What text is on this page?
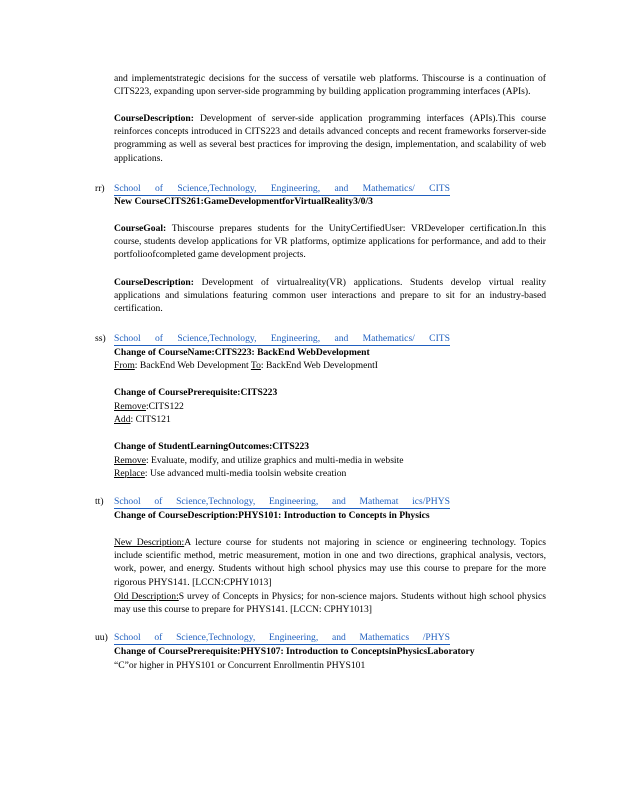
and implementstrategic decisions for the success of versatile web platforms. Thiscourse is a continuation of CITS223, expanding upon server-side programming by building application programming interfaces (APIs).

CourseDescription: Development of server-side application programming interfaces (APIs).This course reinforces concepts introduced in CITS223 and details advanced concepts and recent frameworks forserver-side programming as well as several best practices for improving the design, implementation, and scalability of web applications.

rr) School of Science,Technology, Engineering, and Mathematics/ CITS

New CourseCITS261:GameDevelopmentforVirtualReality3/0/3

CourseGoal: Thiscourse prepares students for the UnityCertifiedUser: VRDeveloper certification.In this course, students develop applications for VR platforms, optimize applications for performance, and add to their portfolioofcompleted game development projects.

CourseDescription: Development of virtualreality(VR) applications. Students develop virtual reality applications and simulations featuring common user interactions and prepare to sit for an industry-based certification.

ss) School of Science,Technology, Engineering, and Mathematics/ CITS

Change of CourseName:CITS223: BackEnd WebDevelopment

From: BackEnd Web Development To: BackEnd Web DevelopmentI

Change of CoursePrerequisite:CITS223

Remove:CITS122

Add: CITS121

Change of StudentLearningOutcomes:CITS223

Remove: Evaluate, modify, and utilize graphics and multi-media in website

Replace: Use advanced multi-media toolsin website creation

tt) School of Science,Technology, Engineering, and Mathemat ics/PHYS

Change of CourseDescription:PHYS101: Introduction to Concepts in Physics

New Description:A lecture course for students not majoring in science or engineering technology. Topics include scientific method, metric measurement, motion in one and two directions, graphical analysis, vectors, work, power, and energy. Students without high school physics may use this course to prepare for the more rigorous PHYS141. [LCCN:CPHY1013]

Old Description:S urvey of Concepts in Physics; for non-science majors. Students without high school physics may use this course to prepare for PHYS141. [LCCN: CPHY1013]

uu) School of Science,Technology, Engineering, and Mathematics /PHYS

Change of CoursePrerequisite:PHYS107: Introduction to ConceptsinPhysicsLaboratory

“C”or higher in PHYS101 or Concurrent Enrollmentin PHYS101
